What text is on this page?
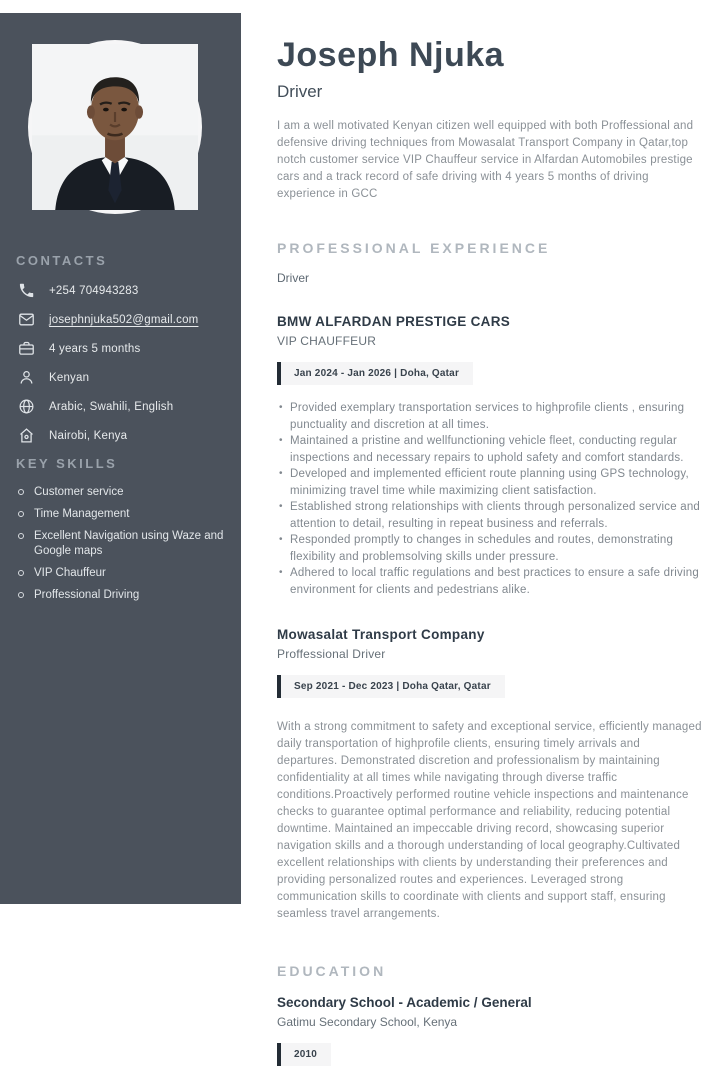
CONTACTS
+254 704943283
josephnjuka502@gmail.com
4 years 5 months
Kenyan
Arabic, Swahili, English
Nairobi, Kenya
KEY SKILLS
Customer service
Time Management
Excellent Navigation using Waze and Google maps
VIP Chauffeur
Proffessional Driving
Joseph Njuka
Driver

I am a well motivated Kenyan citizen well equipped with both Proffessional and defensive driving techniques from Mowasalat Transport Company in Qatar,top notch customer service VIP Chauffeur service in Alfardan Automobiles prestige cars and a track record of safe driving with 4 years 5 months of driving experience in GCC

PROFESSIONAL EXPERIENCE
Driver
BMW ALFARDAN PRESTIGE CARS
VIP CHAUFFEUR
Jan 2024 - Jan 2026 | Doha, Qatar
• Provided exemplary transportation services to highprofile clients , ensuring punctuality and discretion at all times.
• Maintained a pristine and wellfunctioning vehicle fleet, conducting regular inspections and necessary repairs to uphold safety and comfort standards.
• Developed and implemented efficient route planning using GPS technology, minimizing travel time while maximizing client satisfaction.
• Established strong relationships with clients through personalized service and attention to detail, resulting in repeat business and referrals.
• Responded promptly to changes in schedules and routes, demonstrating flexibility and problemsolving skills under pressure.
• Adhered to local traffic regulations and best practices to ensure a safe driving environment for clients and pedestrians alike.
Mowasalat Transport Company
Proffessional Driver
Sep 2021 - Dec 2023 | Doha Qatar, Qatar

With a strong commitment to safety and exceptional service, efficiently managed daily transportation of highprofile clients, ensuring timely arrivals and departures. Demonstrated discretion and professionalism by maintaining confidentiality at all times while navigating through diverse traffic conditions.Proactively performed routine vehicle inspections and maintenance checks to guarantee optimal performance and reliability, reducing potential downtime. Maintained an impeccable driving record, showcasing superior navigation skills and a thorough understanding of local geography.Cultivated excellent relationships with clients by understanding their preferences and providing personalized routes and experiences. Leveraged strong communication skills to coordinate with clients and support staff, ensuring seamless travel arrangements.

EDUCATION
Secondary School - Academic / General
Gatimu Secondary School, Kenya
2010
